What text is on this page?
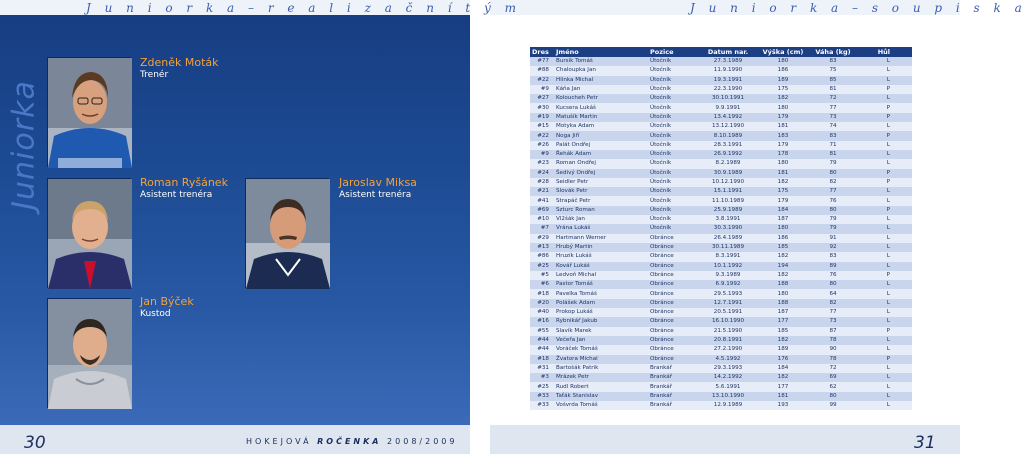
J u n i o r k a – r e a l i z a č n í t ý m	J u n i o r k a – s o u p i s k a
Juniorka
Zdeněk Moták
Trenér
Roman Ryšánek
Asistent trenéra
Jaroslav Miksa
Asistent trenéra
Jan Býček
Kustod
Dres	Jméno	Pozice	Datum nar.	Výška (cm)	Váha (kg)	Hůl
#77	Bursík Tomáš	Útočník	27.3.1989	180	83	L
#88	Chaloupka Jan	Útočník	11.9.1990	186	75	L
#22	Hlinka Michal	Útočník	19.3.1991	189	85	L
#9	Káňa Jan	Útočník	22.3.1990	175	81	P
#27	Koloucheh Petr	Útočník	30.10.1991	182	72	L
#30	Kucsera Lukáš	Útočník	9.9.1991	180	77	P
#19	Matušík Martin	Útočník	13.4.1992	179	73	P
#15	Motyka Adam	Útočník	13.12.1990	181	74	L
#22	Noga Jiří	Útočník	8.10.1989	183	83	P
#26	Palát Ondřej	Útočník	28.3.1991	179	71	L
#9	Řehák Adam	Útočník	26.9.1992	178	81	L
#23	Roman Ondřej	Útočník	8.2.1989	180	79	L
#24	Šedivý Ondřej	Útočník	30.9.1989	181	80	P
#28	Seidler Petr	Útočník	10.12.1990	182	82	P
#21	Slovák Petr	Útočník	15.1.1991	175	77	L
#41	Strapáč Petr	Útočník	11.10.1989	179	76	L
#69	Szturc Roman	Útočník	25.9.1989	184	80	P
#10	Vl2šák Jan	Útočník	3.8.1991	187	79	L
#7	Vrána Lukáš	Útočník	30.3.1990	180	79	L
#29	Hartmann Werner	Obránce	26.4.1989	186	91	L
#13	Hrubý Martin	Obránce	30.11.1989	185	92	L
#86	Hruzík Lukáš	Obránce	8.3.1991	182	83	L
#25	Kovář Lukáš	Obránce	10.1.1992	194	89	L
#5	Ledvoň Michal	Obránce	9.3.1989	182	76	P
#6	Pastor Tomáš	Obránce	6.9.1992	188	80	L
#18	Pavelka Tomáš	Obránce	29.5.1993	180	64	L
#20	Polášek Adam	Obránce	12.7.1991	188	82	L
#40	Prokop Lukáš	Obránce	20.5.1991	187	77	L
#16	Rybnikář Jakub	Obránce	16.10.1990	177	73	L
#55	Slavík Marek	Obránce	21.5.1990	185	87	P
#44	Večeřa Jan	Obránce	20.8.1991	182	78	L
#44	Voráček Tomáš	Obránce	27.2.1990	189	90	L
#18	Žvatora Michal	Obránce	4.5.1992	176	78	P
#31	Bartošák Patrik	Brankář	29.3.1993	184	72	L
#3	Mrázek Petr	Brankář	14.2.1992	182	69	L
#25	Rudl Robert	Brankář	5.6.1991	177	62	L
#33	Taťák Stanislav	Brankář	13.10.1990	181	80	L
#33	Vošvrda Tomáš	Brankář	12.9.1989	193	99	L
30	31
HOKEJOVÁ ROČENKA 2008/2009
